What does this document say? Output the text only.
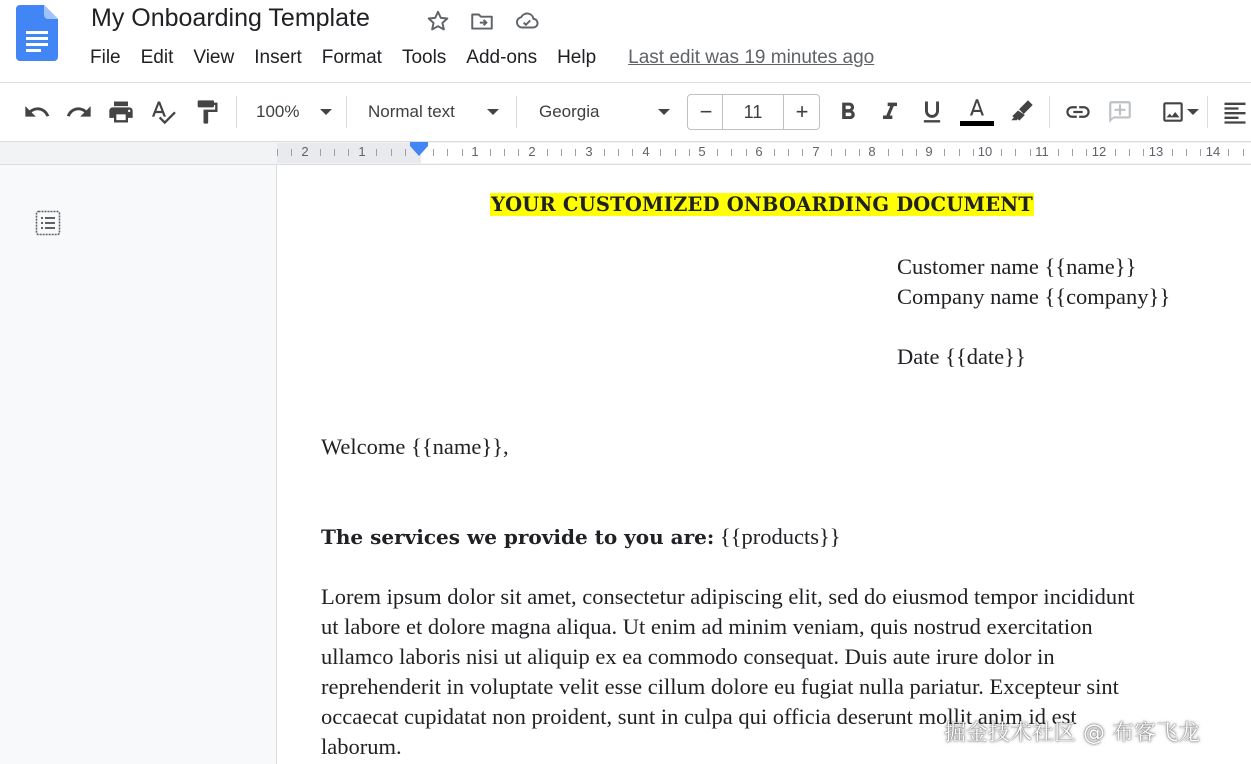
My Onboarding Template
File	Edit	View	Insert	Format	Tools	Add-ons	Help	Last edit was 19 minutes ago
100%	Normal text	Georgia	−	11	+
2	1	1	2	3	4	5	6	7	8	9	10	11	12	13	14
YOUR CUSTOMIZED ONBOARDING DOCUMENT
Customer name {{name}}
Company name {{company}}
Date {{date}}
Welcome {{name}},
The services we provide to you are: {{products}}
Lorem ipsum dolor sit amet, consectetur adipiscing elit, sed do eiusmod tempor incididunt
ut labore et dolore magna aliqua. Ut enim ad minim veniam, quis nostrud exercitation
ullamco laboris nisi ut aliquip ex ea commodo consequat. Duis aute irure dolor in
reprehenderit in voluptate velit esse cillum dolore eu fugiat nulla pariatur. Excepteur sint
occaecat cupidatat non proident, sunt in culpa qui officia deserunt mollit anim id est
laborum.
掘金技术社区 @ 布客飞龙
